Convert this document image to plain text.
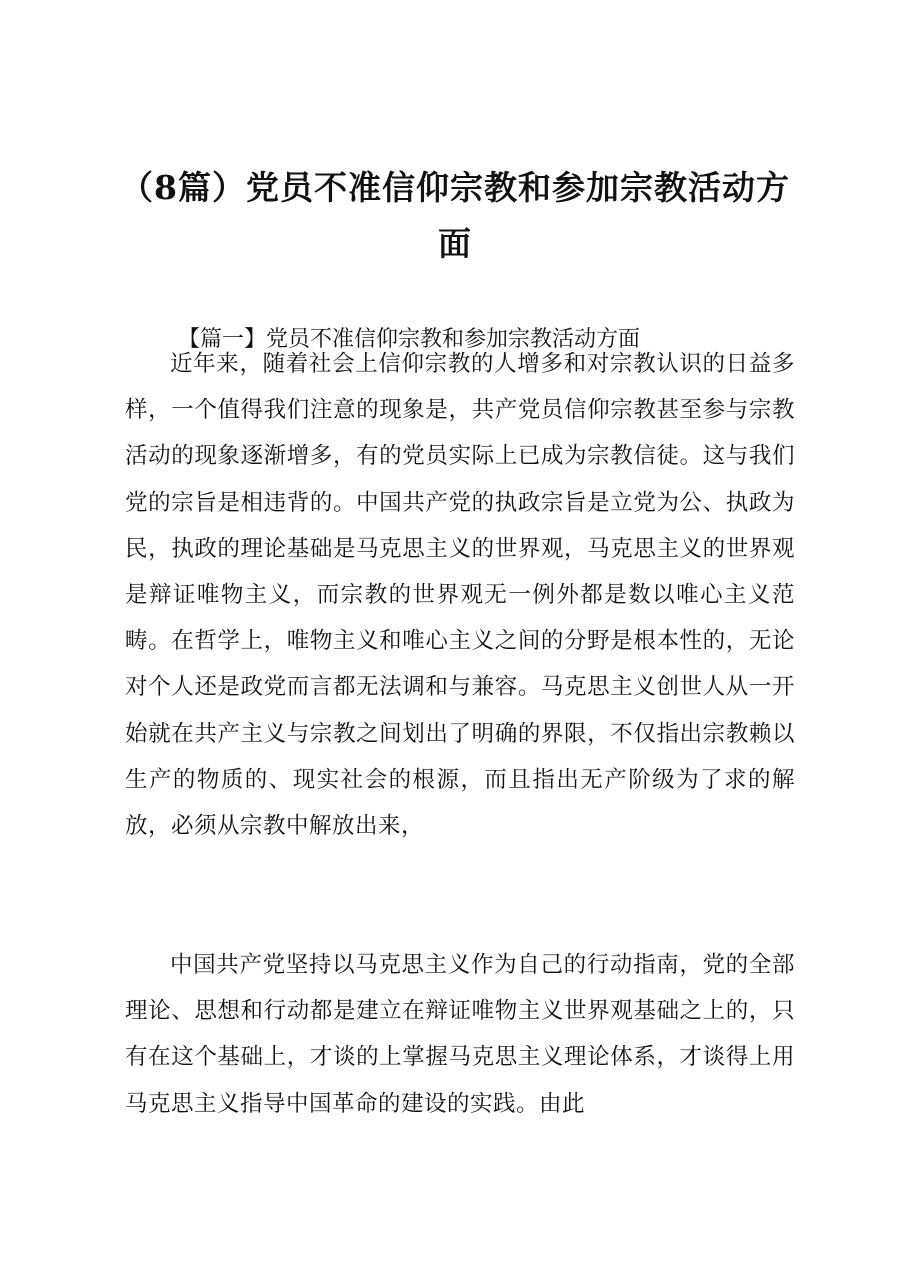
（8篇）党员不准信仰宗教和参加宗教活动方面
【篇一】党员不准信仰宗教和参加宗教活动方面

近年来，随着社会上信仰宗教的人增多和对宗教认识的日益多样，一个值得我们注意的现象是，共产党员信仰宗教甚至参与宗教活动的现象逐渐增多，有的党员实际上已成为宗教信徒。这与我们党的宗旨是相违背的。中国共产党的执政宗旨是立党为公、执政为民，执政的理论基础是马克思主义的世界观，马克思主义的世界观是辩证唯物主义，而宗教的世界观无一例外都是数以唯心主义范畴。在哲学上，唯物主义和唯心主义之间的分野是根本性的，无论对个人还是政党而言都无法调和与兼容。马克思主义创世人从一开始就在共产主义与宗教之间划出了明确的界限，不仅指出宗教赖以生产的物质的、现实社会的根源，而且指出无产阶级为了求的解放，必须从宗教中解放出来，

中国共产党坚持以马克思主义作为自己的行动指南，党的全部理论、思想和行动都是建立在辩证唯物主义世界观基础之上的，只有在这个基础上，才谈的上掌握马克思主义理论体系，才谈得上用马克思主义指导中国革命的建设的实践。由此
